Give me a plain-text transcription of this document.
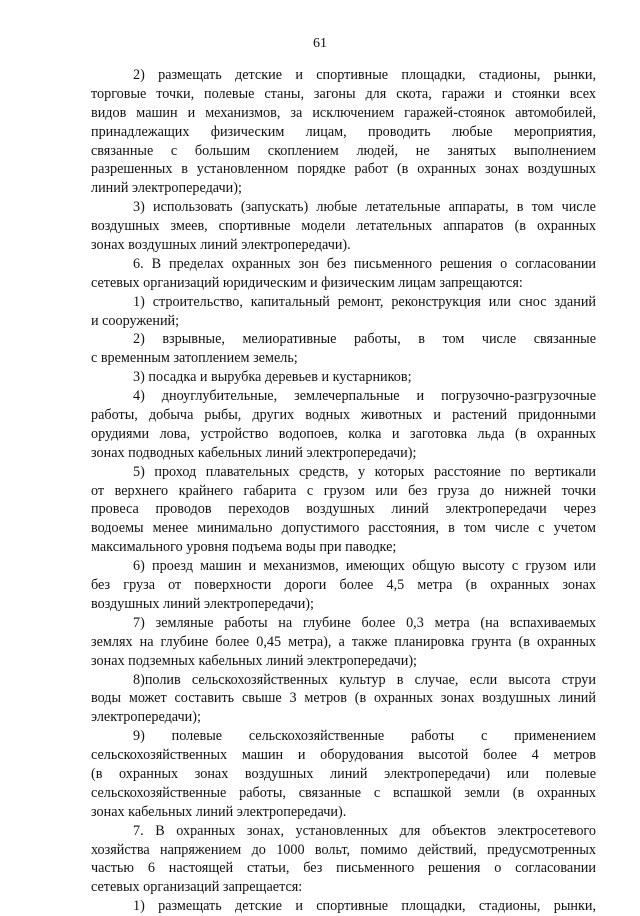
61
2) размещать детские и спортивные площадки, стадионы, рынки,
торговые точки, полевые станы, загоны для скота, гаражи и стоянки всех
видов машин и механизмов, за исключением гаражей-стоянок автомобилей,
принадлежащих физическим лицам, проводить любые мероприятия,
связанные с большим скоплением людей, не занятых выполнением
разрешенных в установленном порядке работ (в охранных зонах воздушных
линий электропередачи);
3) использовать (запускать) любые летательные аппараты, в том числе
воздушных змеев, спортивные модели летательных аппаратов (в охранных
зонах воздушных линий электропередачи).
6. В пределах охранных зон без письменного решения о согласовании
сетевых организаций юридическим и физическим лицам запрещаются:
1) строительство, капитальный ремонт, реконструкция или снос зданий
и сооружений;
2) взрывные, мелиоративные работы, в том числе связанные
с временным затоплением земель;
3) посадка и вырубка деревьев и кустарников;
4) дноуглубительные, землечерпальные и погрузочно-разгрузочные
работы, добыча рыбы, других водных животных и растений придонными
орудиями лова, устройство водопоев, колка и заготовка льда (в охранных
зонах подводных кабельных линий электропередачи);
5) проход плавательных средств, у которых расстояние по вертикали
от верхнего крайнего габарита с грузом или без груза до нижней точки
провеса проводов переходов воздушных линий электропередачи через
водоемы менее минимально допустимого расстояния, в том числе с учетом
максимального уровня подъема воды при паводке;
6) проезд машин и механизмов, имеющих общую высоту с грузом или
без груза от поверхности дороги более 4,5 метра (в охранных зонах
воздушных линий электропередачи);
7) земляные работы на глубине более 0,3 метра (на вспахиваемых
землях на глубине более 0,45 метра), а также планировка грунта (в охранных
зонах подземных кабельных линий электропередачи);
8)полив сельскохозяйственных культур в случае, если высота струи
воды может составить свыше 3 метров (в охранных зонах воздушных линий
электропередачи);
9) полевые сельскохозяйственные работы с применением
сельскохозяйственных машин и оборудования высотой более 4 метров
(в охранных зонах воздушных линий электропередачи) или полевые
сельскохозяйственные работы, связанные с вспашкой земли (в охранных
зонах кабельных линий электропередачи).
7. В охранных зонах, установленных для объектов электросетевого
хозяйства напряжением до 1000 вольт, помимо действий, предусмотренных
частью 6 настоящей статьи, без письменного решения о согласовании
сетевых организаций запрещается:
1) размещать детские и спортивные площадки, стадионы, рынки,
